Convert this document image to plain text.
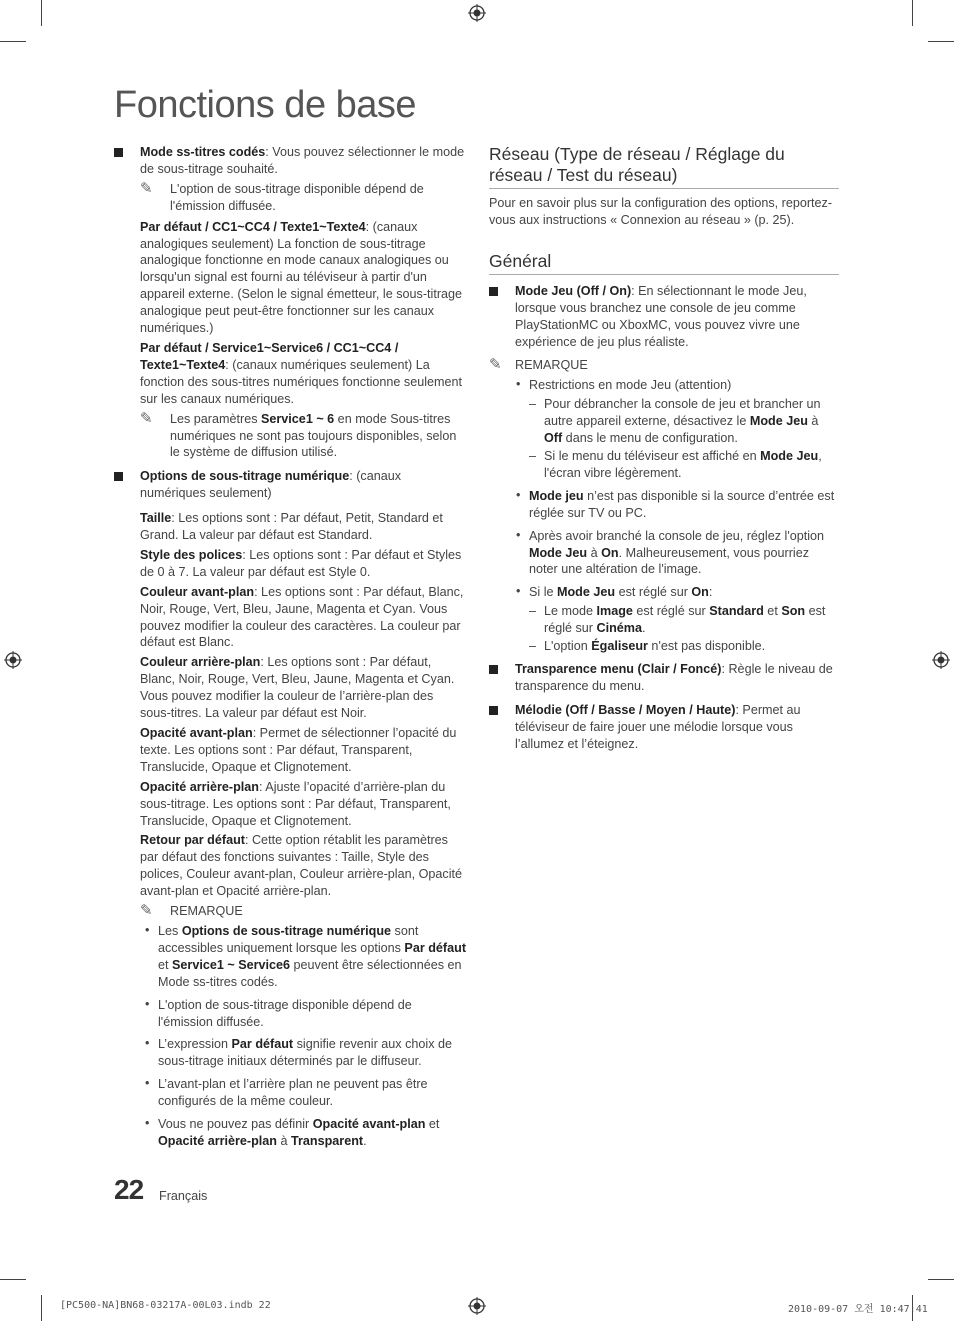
Fonctions de base
Mode ss-titres codés: Vous pouvez sélectionner le mode de sous-titrage souhaité.
✎ L'option de sous-titrage disponible dépend de l'émission diffusée.
Par défaut / CC1~CC4 / Texte1~Texte4: (canaux analogiques seulement) La fonction de sous-titrage analogique fonctionne en mode canaux analogiques ou lorsqu'un signal est fourni au téléviseur à partir d'un appareil externe. (Selon le signal émetteur, le sous-titrage analogique peut peut-être fonctionner sur les canaux numériques.)
Par défaut / Service1~Service6 / CC1~CC4 / Texte1~Texte4: (canaux numériques seulement) La fonction des sous-titres numériques fonctionne seulement sur les canaux numériques.
✎ Les paramètres Service1 ~ 6 en mode Sous-titres numériques ne sont pas toujours disponibles, selon le système de diffusion utilisé.
Options de sous-titrage numérique: (canaux numériques seulement)
Taille: Les options sont : Par défaut, Petit, Standard et Grand. La valeur par défaut est Standard.
Style des polices: Les options sont : Par défaut et Styles de 0 à 7. La valeur par défaut est Style 0.
Couleur avant-plan: Les options sont : Par défaut, Blanc, Noir, Rouge, Vert, Bleu, Jaune, Magenta et Cyan. Vous pouvez modifier la couleur des caractères. La couleur par défaut est Blanc.
Couleur arrière-plan: Les options sont : Par défaut, Blanc, Noir, Rouge, Vert, Bleu, Jaune, Magenta et Cyan. Vous pouvez modifier la couleur de l’arrière-plan des sous-titres. La valeur par défaut est Noir.
Opacité avant-plan: Permet de sélectionner l’opacité du texte. Les options sont : Par défaut, Transparent, Translucide, Opaque et Clignotement.
Opacité arrière-plan: Ajuste l’opacité d’arrière-plan du sous-titrage. Les options sont : Par défaut, Transparent, Translucide, Opaque et Clignotement.
Retour par défaut: Cette option rétablit les paramètres par défaut des fonctions suivantes : Taille, Style des polices, Couleur avant-plan, Couleur arrière-plan, Opacité avant-plan et Opacité arrière-plan.
✎ REMARQUE
• Les Options de sous-titrage numérique sont accessibles uniquement lorsque les options Par défaut et Service1 ~ Service6 peuvent être sélectionnées en Mode ss-titres codés.
• L'option de sous-titrage disponible dépend de l'émission diffusée.
• L’expression Par défaut signifie revenir aux choix de sous-titrage initiaux déterminés par le diffuseur.
• L’avant-plan et l’arrière plan ne peuvent pas être configurés de la même couleur.
• Vous ne pouvez pas définir Opacité avant-plan et Opacité arrière-plan à Transparent.
Réseau (Type de réseau / Réglage du réseau / Test du réseau)
Pour en savoir plus sur la configuration des options, reportez-vous aux instructions « Connexion au réseau » (p. 25).
Général
Mode Jeu (Off / On): En sélectionnant le mode Jeu, lorsque vous branchez une console de jeu comme PlayStationMC ou XboxMC, vous pouvez vivre une expérience de jeu plus réaliste.
✎ REMARQUE
• Restrictions en mode Jeu (attention)
– Pour débrancher la console de jeu et brancher un autre appareil externe, désactivez le Mode Jeu à Off dans le menu de configuration.
– Si le menu du téléviseur est affiché en Mode Jeu, l'écran vibre légèrement.
• Mode jeu n’est pas disponible si la source d’entrée est réglée sur TV ou PC.
• Après avoir branché la console de jeu, réglez l'option Mode Jeu à On. Malheureusement, vous pourriez noter une altération de l'image.
• Si le Mode Jeu est réglé sur On:
– Le mode Image est réglé sur Standard et Son est réglé sur Cinéma.
– L'option Égaliseur n'est pas disponible.
Transparence menu (Clair / Foncé): Règle le niveau de transparence du menu.
Mélodie (Off / Basse / Moyen / Haute): Permet au téléviseur de faire jouer une mélodie lorsque vous l’allumez et l’éteignez.
22 Français
[PC500-NA]BN68-03217A-00L03.indb 22	2010-09-07 오전 10:47:41
